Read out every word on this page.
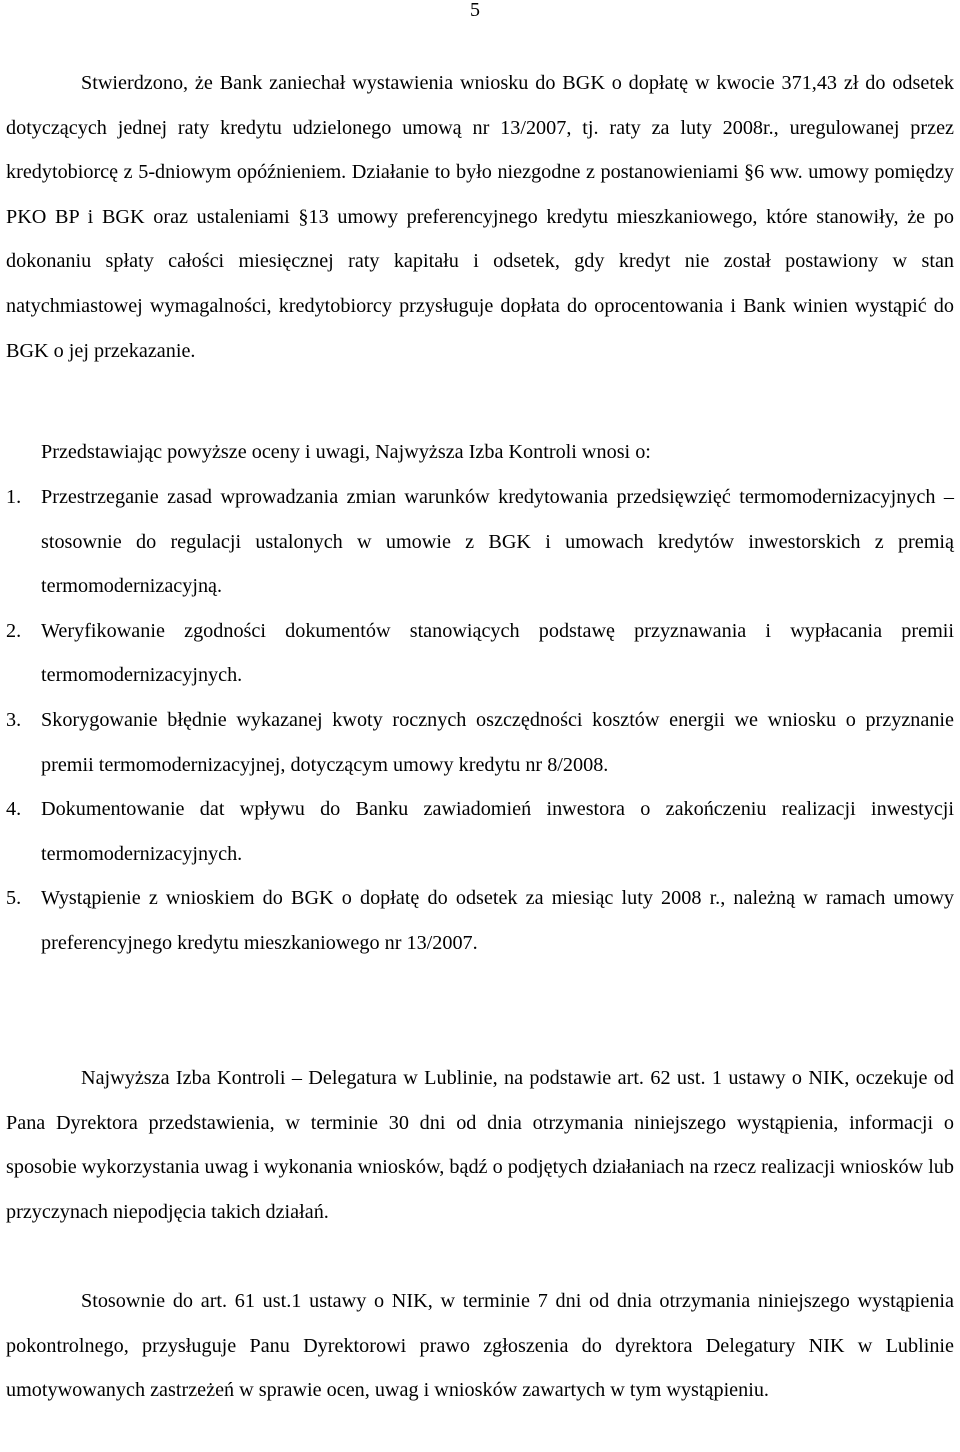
5

Stwierdzono, że Bank zaniechał wystawienia wniosku do BGK o dopłatę w kwocie 371,43 zł do odsetek dotyczących jednej raty kredytu udzielonego umową nr 13/2007, tj. raty za luty 2008r., uregulowanej przez kredytobiorcę z 5-dniowym opóźnieniem. Działanie to było niezgodne z postanowieniami §6 ww. umowy pomiędzy PKO BP i BGK oraz ustaleniami §13 umowy preferencyjnego kredytu mieszkaniowego, które stanowiły, że po dokonaniu spłaty całości miesięcznej raty kapitału i odsetek, gdy kredyt nie został postawiony w stan natychmiastowej wymagalności, kredytobiorcy przysługuje dopłata do oprocentowania i Bank winien wystąpić do BGK o jej przekazanie.

Przedstawiając powyższe oceny i uwagi, Najwyższa Izba Kontroli wnosi o:

1. Przestrzeganie zasad wprowadzania zmian warunków kredytowania przedsięwzięć termomodernizacyjnych – stosownie do regulacji ustalonych w umowie z BGK i umowach kredytów inwestorskich z premią termomodernizacyjną.
2. Weryfikowanie zgodności dokumentów stanowiących podstawę przyznawania i wypłacania premii termomodernizacyjnych.
3. Skorygowanie błędnie wykazanej kwoty rocznych oszczędności kosztów energii we wniosku o przyznanie premii termomodernizacyjnej, dotyczącym umowy kredytu nr 8/2008.
4. Dokumentowanie dat wpływu do Banku zawiadomień inwestora o zakończeniu realizacji inwestycji termomodernizacyjnych.
5. Wystąpienie z wnioskiem do BGK o dopłatę do odsetek za miesiąc luty 2008 r., należną w ramach umowy preferencyjnego kredytu mieszkaniowego nr 13/2007.

Najwyższa Izba Kontroli – Delegatura w Lublinie, na podstawie art. 62 ust. 1 ustawy o NIK, oczekuje od Pana Dyrektora przedstawienia, w terminie 30 dni od dnia otrzymania niniejszego wystąpienia, informacji o sposobie wykorzystania uwag i wykonania wniosków, bądź o podjętych działaniach na rzecz realizacji wniosków lub przyczynach niepodjęcia takich działań.

Stosownie do art. 61 ust.1 ustawy o NIK, w terminie 7 dni od dnia otrzymania niniejszego wystąpienia pokontrolnego, przysługuje Panu Dyrektorowi prawo zgłoszenia do dyrektora Delegatury NIK w Lublinie umotywowanych zastrzeżeń w sprawie ocen, uwag i wniosków zawartych w tym wystąpieniu.
